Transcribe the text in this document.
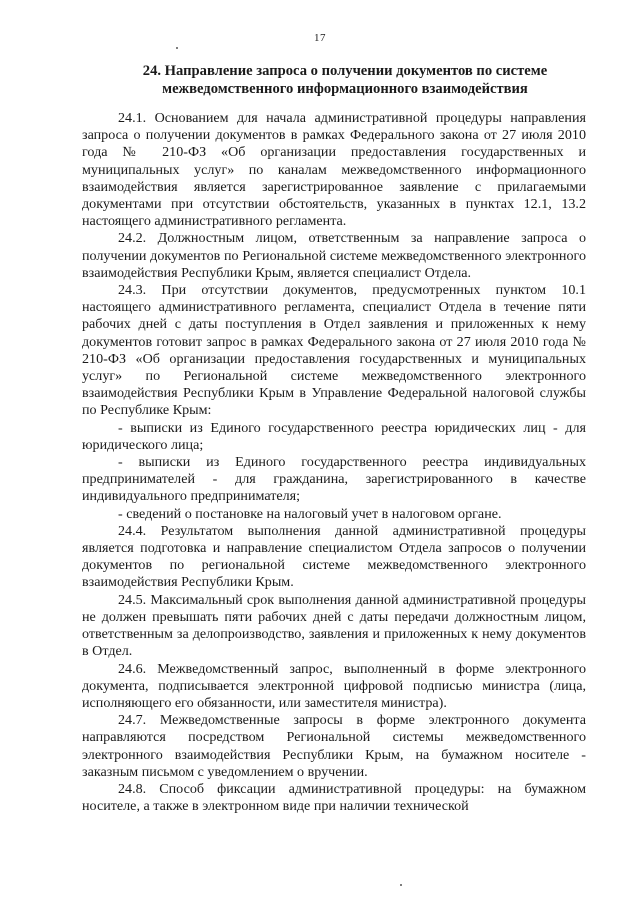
17
24. Направление запроса о получении документов по системе межведомственного информационного взаимодействия

24.1. Основанием для начала административной процедуры направления запроса о получении документов в рамках Федерального закона от 27 июля 2010 года № 210-ФЗ «Об организации предоставления государственных и муниципальных услуг» по каналам межведомственного информационного взаимодействия является зарегистрированное заявление с прилагаемыми документами при отсутствии обстоятельств, указанных в пунктах 12.1, 13.2 настоящего административного регламента.

24.2. Должностным лицом, ответственным за направление запроса о получении документов по Региональной системе межведомственного электронного взаимодействия Республики Крым, является специалист Отдела.

24.3. При отсутствии документов, предусмотренных пунктом 10.1 настоящего административного регламента, специалист Отдела в течение пяти рабочих дней с даты поступления в Отдел заявления и приложенных к нему документов готовит запрос в рамках Федерального закона от 27 июля 2010 года № 210-ФЗ «Об организации предоставления государственных и муниципальных услуг» по Региональной системе межведомственного электронного взаимодействия Республики Крым в Управление Федеральной налоговой службы по Республике Крым:

- выписки из Единого государственного реестра юридических лиц - для юридического лица;

- выписки из Единого государственного реестра индивидуальных предпринимателей - для гражданина, зарегистрированного в качестве индивидуального предпринимателя;

- сведений о постановке на налоговый учет в налоговом органе.

24.4. Результатом выполнения данной административной процедуры является подготовка и направление специалистом Отдела запросов о получении документов по региональной системе межведомственного электронного взаимодействия Республики Крым.

24.5. Максимальный срок выполнения данной административной процедуры не должен превышать пяти рабочих дней с даты передачи должностным лицом, ответственным за делопроизводство, заявления и приложенных к нему документов в Отдел.

24.6. Межведомственный запрос, выполненный в форме электронного документа, подписывается электронной цифровой подписью министра (лица, исполняющего его обязанности, или заместителя министра).

24.7. Межведомственные запросы в форме электронного документа направляются посредством Региональной системы межведомственного электронного взаимодействия Республики Крым, на бумажном носителе - заказным письмом с уведомлением о вручении.

24.8. Способ фиксации административной процедуры: на бумажном носителе, а также в электронном виде при наличии технической
